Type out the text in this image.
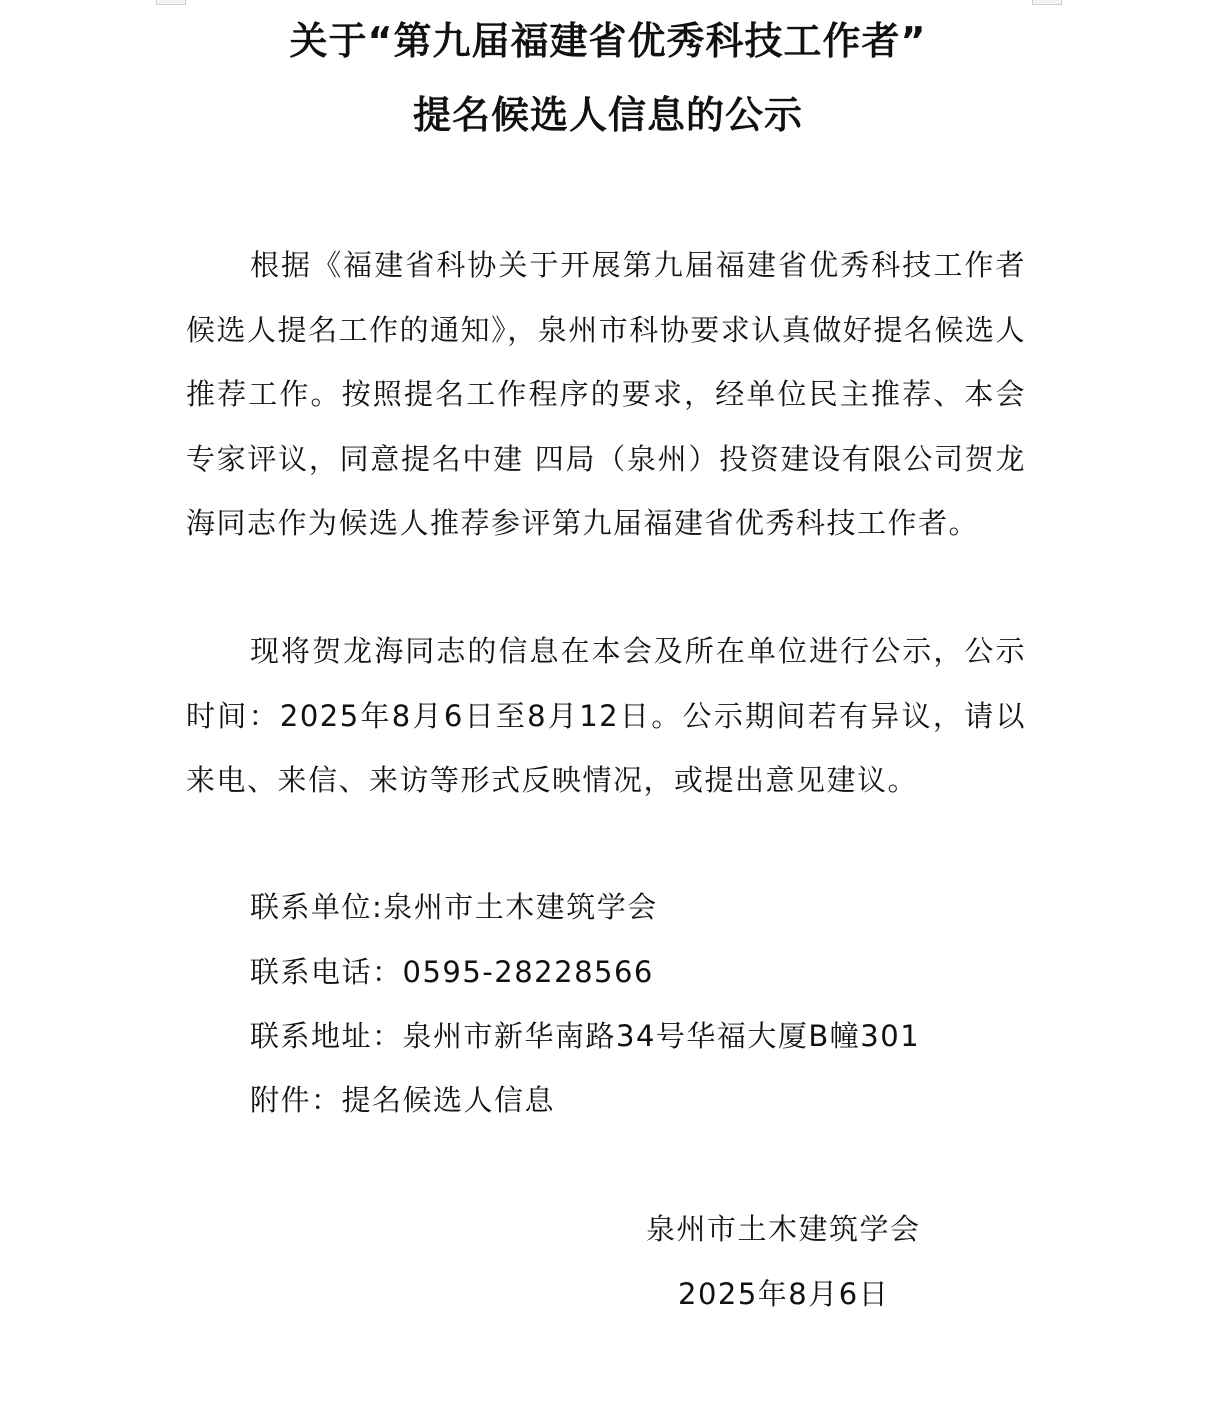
关于“第九届福建省优秀科技工作者”
提名候选人信息的公示

根据《福建省科协关于开展第九届福建省优秀科技工作者候选人提名工作的通知》，泉州市科协要求认真做好提名候选人推荐工作。按照提名工作程序的要求，经单位民主推荐、本会专家评议，同意提名中建 四局（泉州）投资建设有限公司贺龙海同志作为候选人推荐参评第九届福建省优秀科技工作者。

现将贺龙海同志的信息在本会及所在单位进行公示，公示时间：2025年8月6日至8月12日。公示期间若有异议，请以来电、来信、来访等形式反映情况，或提出意见建议。

联系单位:泉州市土木建筑学会
联系电话：0595-28228566
联系地址：泉州市新华南路34号华福大厦B幢301
附件：提名候选人信息
泉州市土木建筑学会
2025年8月6日
